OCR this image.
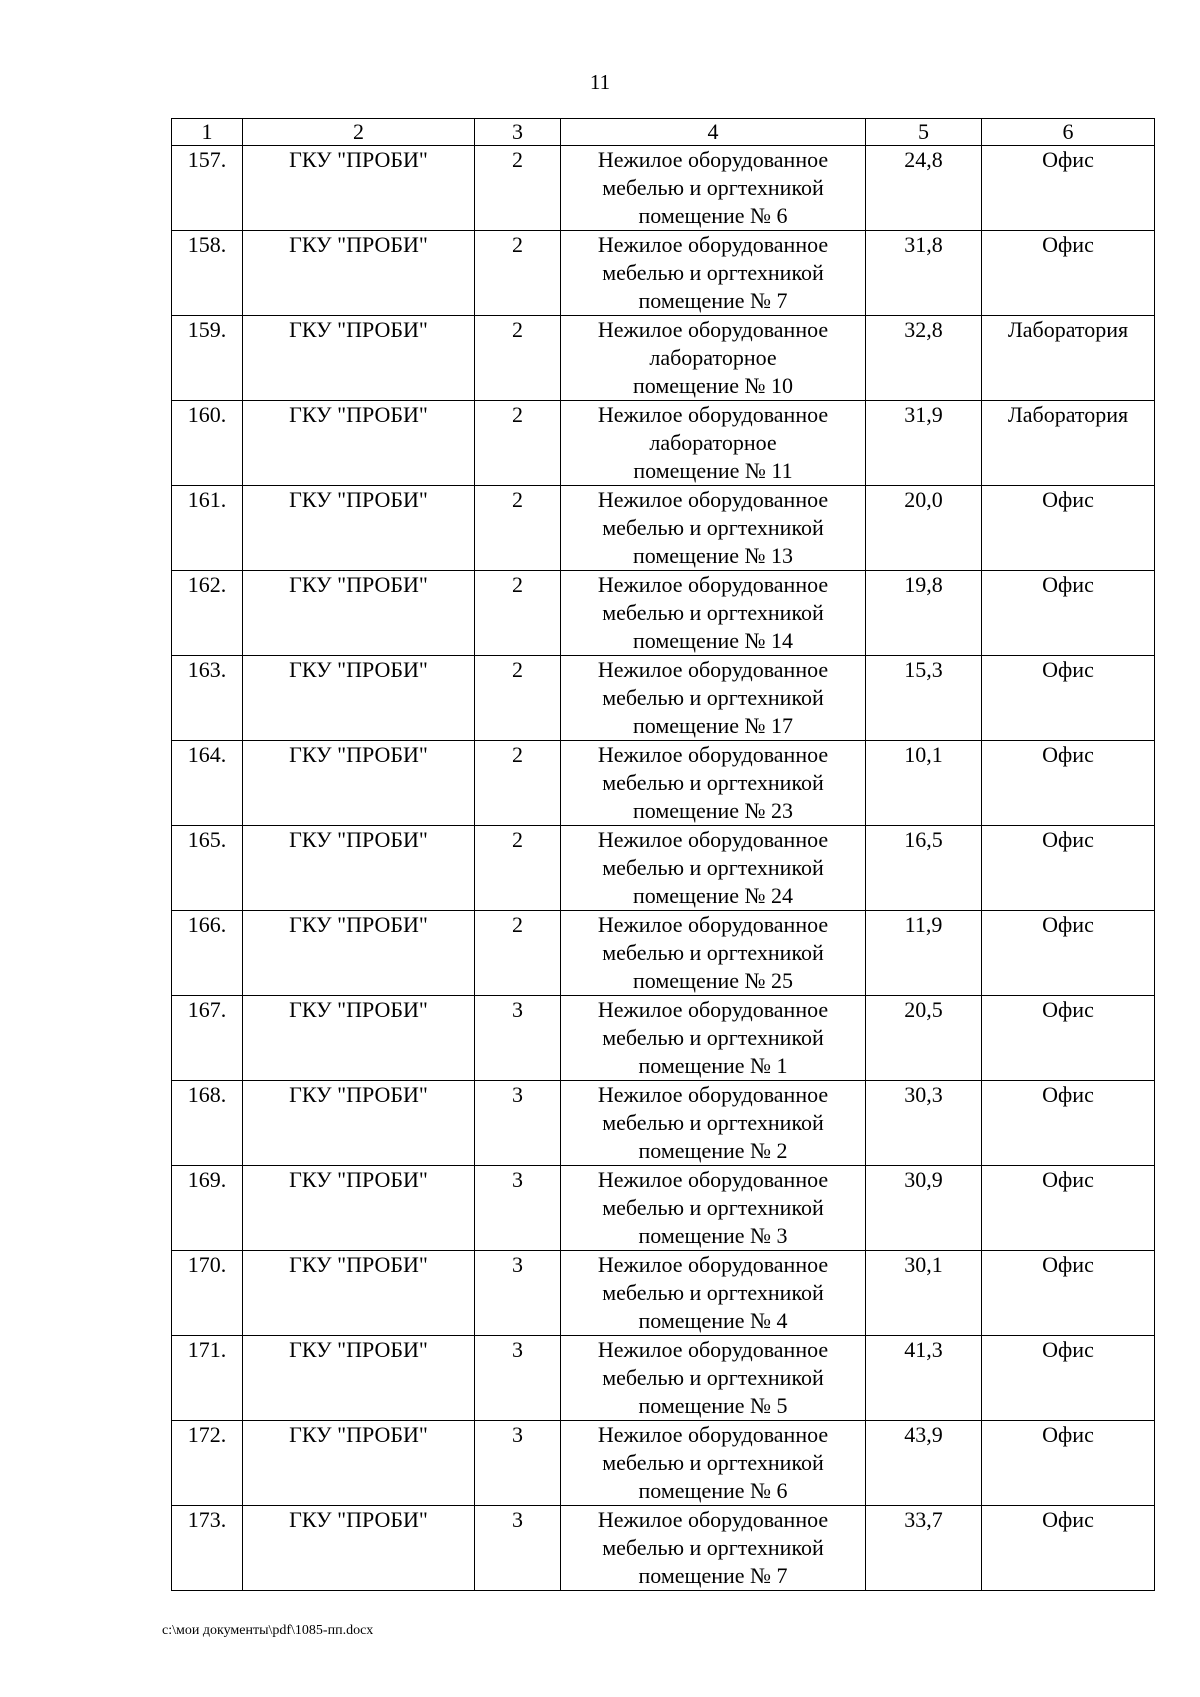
11
1	2	3	4	5	6
157.	ГКУ "ПРОБИ"	2	Нежилое оборудованное
мебелью и оргтехникой
помещение № 6	24,8	Офис
158.	ГКУ "ПРОБИ"	2	Нежилое оборудованное
мебелью и оргтехникой
помещение № 7	31,8	Офис
159.	ГКУ "ПРОБИ"	2	Нежилое оборудованное
лабораторное
помещение № 10	32,8	Лаборатория
160.	ГКУ "ПРОБИ"	2	Нежилое оборудованное
лабораторное
помещение № 11	31,9	Лаборатория
161.	ГКУ "ПРОБИ"	2	Нежилое оборудованное
мебелью и оргтехникой
помещение № 13	20,0	Офис
162.	ГКУ "ПРОБИ"	2	Нежилое оборудованное
мебелью и оргтехникой
помещение № 14	19,8	Офис
163.	ГКУ "ПРОБИ"	2	Нежилое оборудованное
мебелью и оргтехникой
помещение № 17	15,3	Офис
164.	ГКУ "ПРОБИ"	2	Нежилое оборудованное
мебелью и оргтехникой
помещение № 23	10,1	Офис
165.	ГКУ "ПРОБИ"	2	Нежилое оборудованное
мебелью и оргтехникой
помещение № 24	16,5	Офис
166.	ГКУ "ПРОБИ"	2	Нежилое оборудованное
мебелью и оргтехникой
помещение № 25	11,9	Офис
167.	ГКУ "ПРОБИ"	3	Нежилое оборудованное
мебелью и оргтехникой
помещение № 1	20,5	Офис
168.	ГКУ "ПРОБИ"	3	Нежилое оборудованное
мебелью и оргтехникой
помещение № 2	30,3	Офис
169.	ГКУ "ПРОБИ"	3	Нежилое оборудованное
мебелью и оргтехникой
помещение № 3	30,9	Офис
170.	ГКУ "ПРОБИ"	3	Нежилое оборудованное
мебелью и оргтехникой
помещение № 4	30,1	Офис
171.	ГКУ "ПРОБИ"	3	Нежилое оборудованное
мебелью и оргтехникой
помещение № 5	41,3	Офис
172.	ГКУ "ПРОБИ"	3	Нежилое оборудованное
мебелью и оргтехникой
помещение № 6	43,9	Офис
173.	ГКУ "ПРОБИ"	3	Нежилое оборудованное
мебелью и оргтехникой
помещение № 7	33,7	Офис
c:\мои документы\pdf\1085-пп.docx
